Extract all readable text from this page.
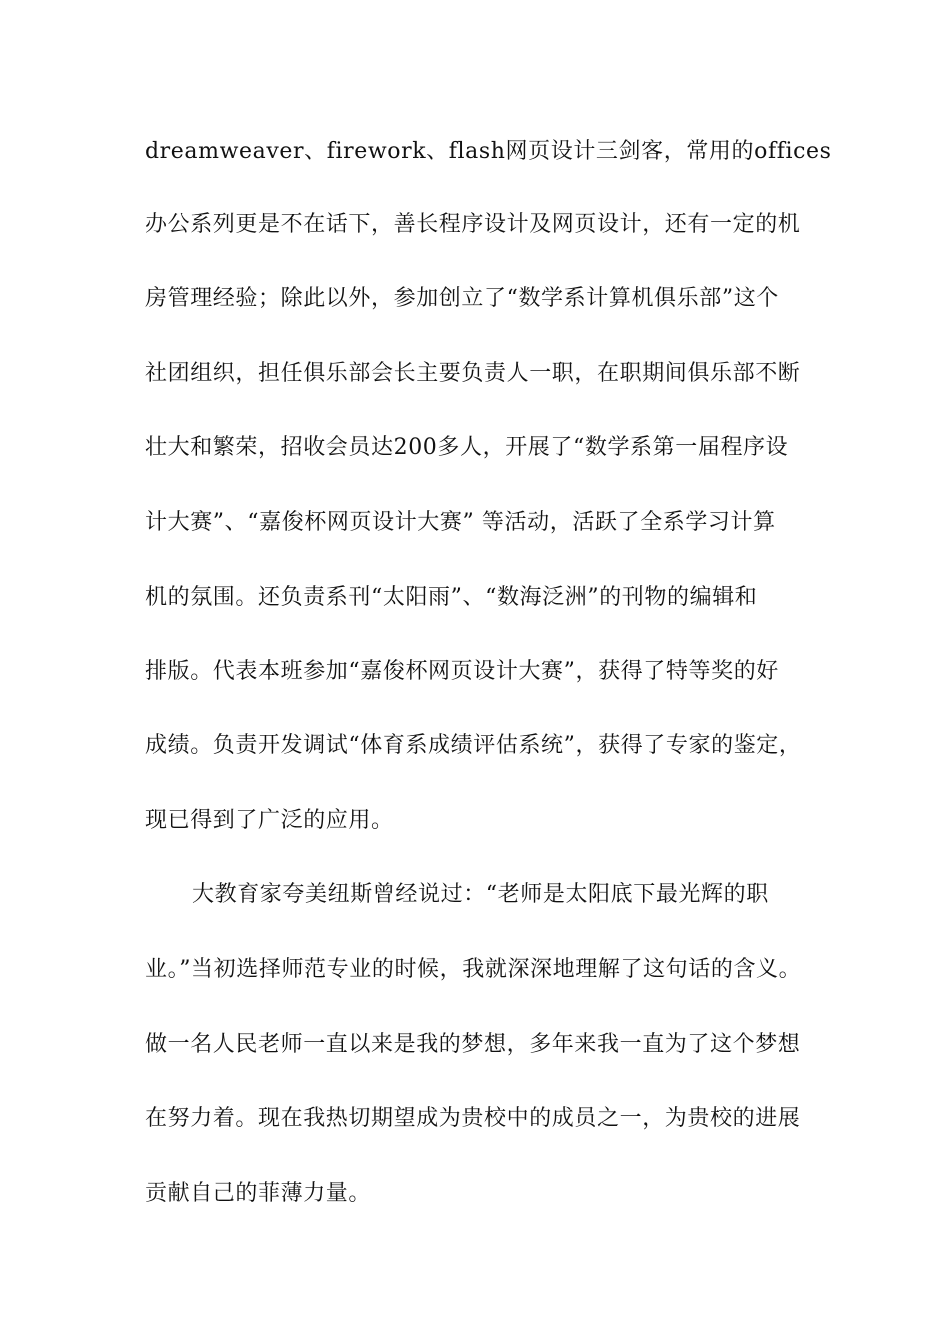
dreamweaver、firework、flash网页设计三剑客，常用的offices
办公系列更是不在话下，善长程序设计及网页设计，还有一定的机
房管理经验；除此以外，参加创立了“数学系计算机俱乐部”这个
社团组织，担任俱乐部会长主要负责人一职，在职期间俱乐部不断
壮大和繁荣，招收会员达200多人，开展了“数学系第一届程序设
计大赛”、“嘉俊杯网页设计大赛” 等活动，活跃了全系学习计算
机的氛围。还负责系刊“太阳雨”、“数海泛洲”的刊物的编辑和
排版。代表本班参加“嘉俊杯网页设计大赛”，获得了特等奖的好
成绩。负责开发调试“体育系成绩评估系统”，获得了专家的鉴定，
现已得到了广泛的应用。
大教育家夸美纽斯曾经说过：“老师是太阳底下最光辉的职
业。”当初选择师范专业的时候，我就深深地理解了这句话的含义。
做一名人民老师一直以来是我的梦想，多年来我一直为了这个梦想
在努力着。现在我热切期望成为贵校中的成员之一，为贵校的进展
贡献自己的菲薄力量。
